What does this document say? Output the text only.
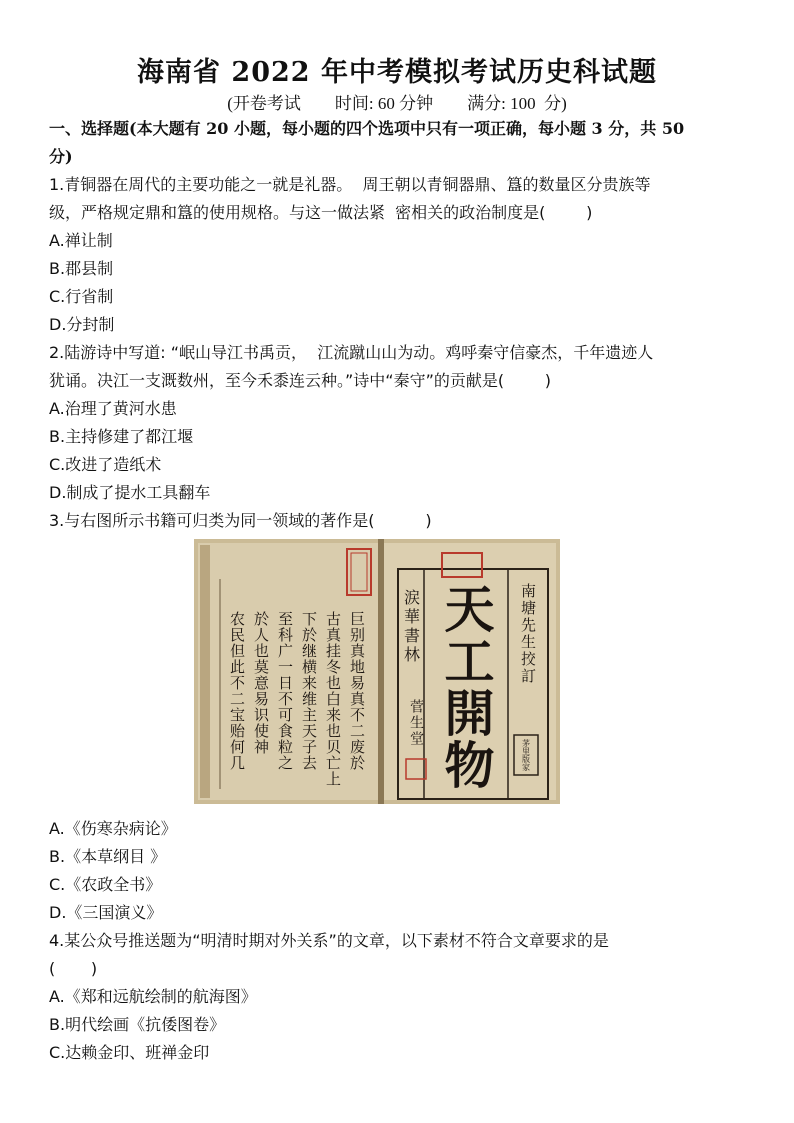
海南省 2022 年中考模拟考试历史科试题
(开卷考试        时间: 60 分钟        满分: 100  分)
一、选择题(本大题有 20 小题，每小题的四个选项中只有一项正确，每小题 3 分，共 50
分)
1.青铜器在周代的主要功能之一就是礼器。  周王朝以青铜器鼎、簋的数量区分贵族等
级，严格规定鼎和簋的使用规格。与这一做法紧  密相关的政治制度是(        )
A.禅让制
B.郡县制
C.行省制
D.分封制
2.陆游诗中写道: “岷山导江书禹贡，  江流蹴山山为动。鸡呼秦守信豪杰，千年遗迹人
犹诵。决江一支溉数州，至今禾黍连云种。”诗中“秦守”的贡献是(        )
A.治理了黄河水患
B.主持修建了都江堰
C.改进了造纸术
D.制成了提水工具翻车
3.与右图所示书籍可归类为同一领域的著作是(          )
巨别真地易真不二废於
古真挂冬也白来也贝亡上
下於继横来维主天子去
至科广一日不可食粒之
於人也莫意易识使神
农民但此不二宝贻何几	涙華書林	南塘先生挍訂
天工開物
菅生堂
茅里版家
A.《伤寒杂病论》
B.《本草纲目 》
C.《农政全书》
D.《三国演义》
4.某公众号推送题为“明清时期对外关系”的文章，以下素材不符合文章要求的是
(       )
A.《郑和远航绘制的航海图》
B.明代绘画《抗倭图卷》
C.达赖金印、班禅金印
